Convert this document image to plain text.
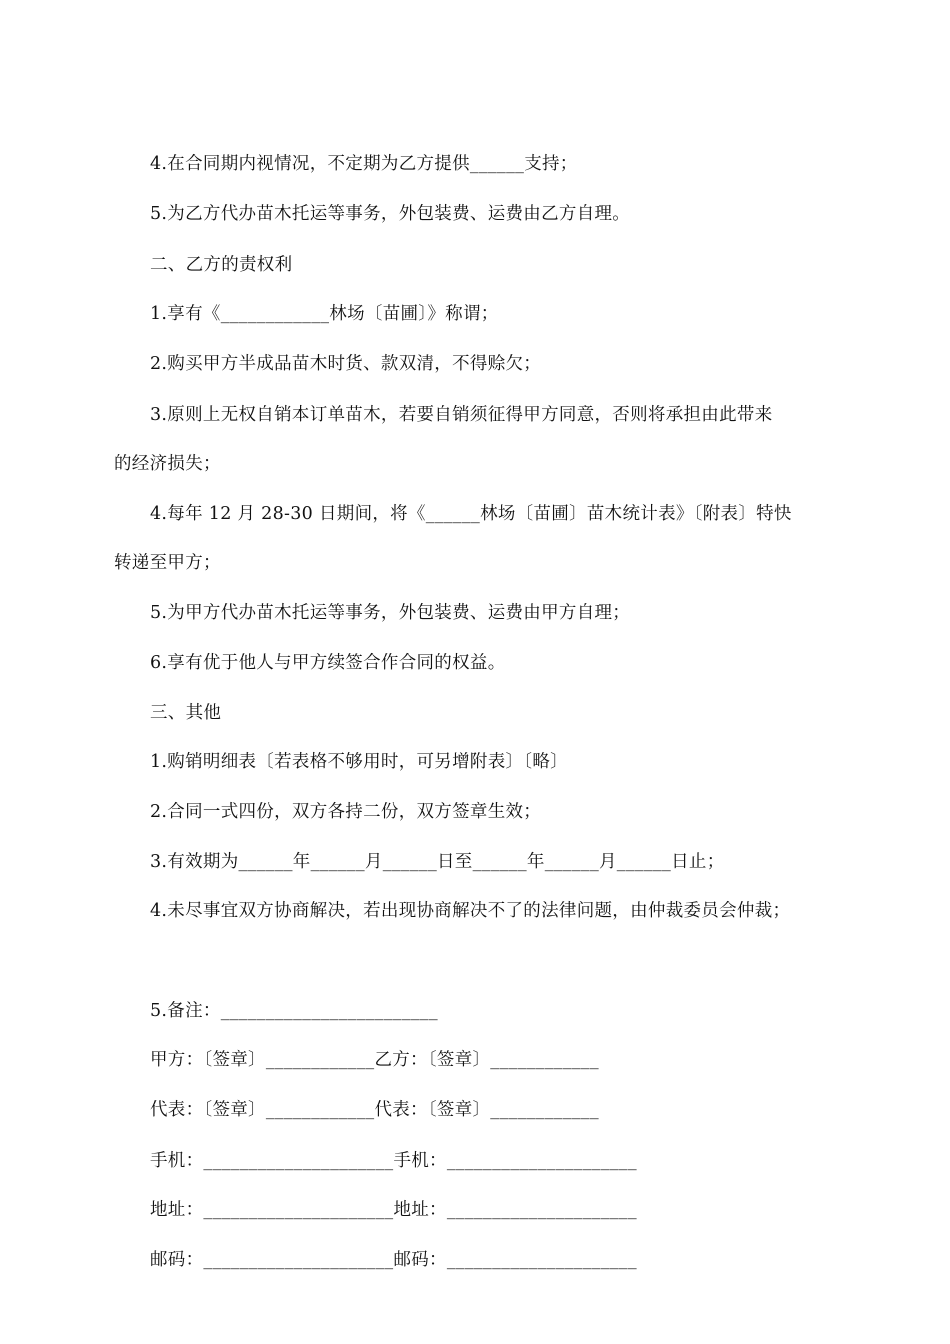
4.在合同期内视情况，不定期为乙方提供______支持；
5.为乙方代办苗木托运等事务，外包装费、运费由乙方自理。
二、乙方的责权利
1.享有《____________林场〔苗圃〕》称谓；
2.购买甲方半成品苗木时货、款双清，不得赊欠；
3.原则上无权自销本订单苗木，若要自销须征得甲方同意，否则将承担由此带来
的经济损失；
4.每年 12 月 28-30 日期间，将《______林场〔苗圃〕苗木统计表》〔附表〕特快
转递至甲方；
5.为甲方代办苗木托运等事务，外包装费、运费由甲方自理；
6.享有优于他人与甲方续签合作合同的权益。
三、其他
1.购销明细表〔若表格不够用时，可另增附表〕〔略〕
2.合同一式四份，双方各持二份，双方签章生效；
3.有效期为______年______月______日至______年______月______日止；
4.未尽事宜双方协商解决，若出现协商解决不了的法律问题，由仲裁委员会仲裁；
5.备注：________________________
甲方：〔签章〕____________乙方：〔签章〕____________
代表：〔签章〕____________代表：〔签章〕____________
手机：_____________________手机：_____________________
地址：_____________________地址：_____________________
邮码：_____________________邮码：_____________________
